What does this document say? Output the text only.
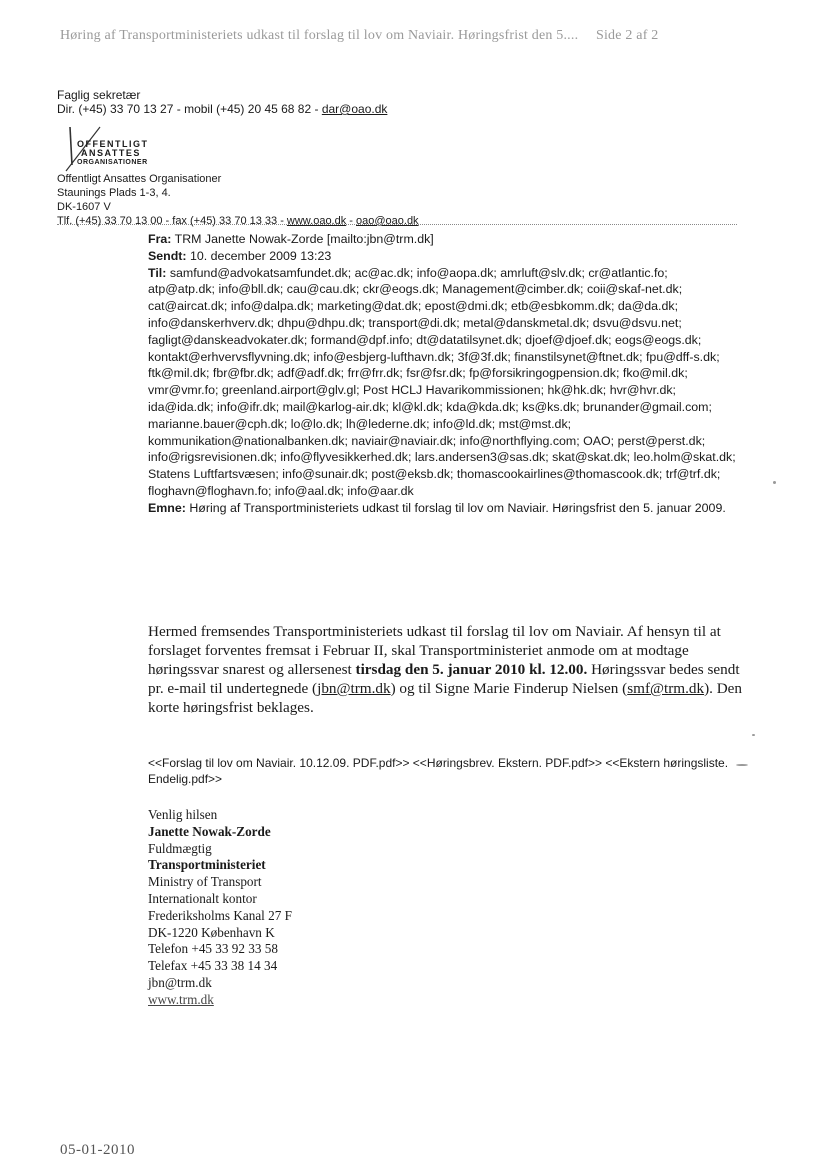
Høring af Transportministeriets udkast til forslag til lov om Naviair. Høringsfrist den 5.... Side 2 af 2
Faglig sekretær
Dir. (+45) 33 70 13 27 - mobil (+45) 20 45 68 82 - dar@oao.dk
OFFENTLIGT
ANSATTES
ORGANISATIONER
Offentligt Ansattes Organisationer
Staunings Plads 1-3, 4.
DK-1607 V
Tlf. (+45) 33 70 13 00 - fax (+45) 33 70 13 33 - www.oao.dk - oao@oao.dk
Fra: TRM Janette Nowak-Zorde [mailto:jbn@trm.dk]
Sendt: 10. december 2009 13:23
Til: samfund@advokatsamfundet.dk; ac@ac.dk; info@aopa.dk; amrluft@slv.dk; cr@atlantic.fo; atp@atp.dk; info@bll.dk; cau@cau.dk; ckr@eogs.dk; Management@cimber.dk; coii@skaf-net.dk; cat@aircat.dk; info@dalpa.dk; marketing@dat.dk; epost@dmi.dk; etb@esbkomm.dk; da@da.dk; info@danskerhverv.dk; dhpu@dhpu.dk; transport@di.dk; metal@danskmetal.dk; dsvu@dsvu.net; fagligt@danskeadvokater.dk; formand@dpf.info; dt@datatilsynet.dk; djoef@djoef.dk; eogs@eogs.dk; kontakt@erhvervsflyvning.dk; info@esbjerg-lufthavn.dk; 3f@3f.dk; finanstilsynet@ftnet.dk; fpu@dff-s.dk; ftk@mil.dk; fbr@fbr.dk; adf@adf.dk; frr@frr.dk; fsr@fsr.dk; fp@forsikringogpension.dk; fko@mil.dk; vmr@vmr.fo; greenland.airport@glv.gl; Post HCLJ Havarikommissionen; hk@hk.dk; hvr@hvr.dk; ida@ida.dk; info@ifr.dk; mail@karlog-air.dk; kl@kl.dk; kda@kda.dk; ks@ks.dk; brunander@gmail.com; marianne.bauer@cph.dk; lo@lo.dk; lh@lederne.dk; info@ld.dk; mst@mst.dk; kommunikation@nationalbanken.dk; naviair@naviair.dk; info@northflying.com; OAO; perst@perst.dk; info@rigsrevisionen.dk; info@flyvesikkerhed.dk; lars.andersen3@sas.dk; skat@skat.dk; leo.holm@skat.dk; Statens Luftfartsvæsen; info@sunair.dk; post@eksb.dk; thomascookairlines@thomascook.dk; trf@trf.dk; floghavn@floghavn.fo; info@aal.dk; info@aar.dk
Emne: Høring af Transportministeriets udkast til forslag til lov om Naviair. Høringsfrist den 5. januar 2009.
Hermed fremsendes Transportministeriets udkast til forslag til lov om Naviair. Af hensyn til at forslaget forventes fremsat i Februar II, skal Transportministeriet anmode om at modtage høringssvar snarest og allersenest tirsdag den 5. januar 2010 kl. 12.00. Høringssvar bedes sendt pr. e-mail til undertegnede (jbn@trm.dk) og til Signe Marie Finderup Nielsen (smf@trm.dk). Den korte høringsfrist beklages.
<<Forslag til lov om Naviair. 10.12.09. PDF.pdf>> <<Høringsbrev. Ekstern. PDF.pdf>> <<Ekstern høringsliste. Endelig.pdf>>
Venlig hilsen
Janette Nowak-Zorde
Fuldmægtig
Transportministeriet
Ministry of Transport
Internationalt kontor
Frederiksholms Kanal 27 F
DK-1220 København K
Telefon +45 33 92 33 58
Telefax +45 33 38 14 34
jbn@trm.dk
www.trm.dk
05-01-2010
